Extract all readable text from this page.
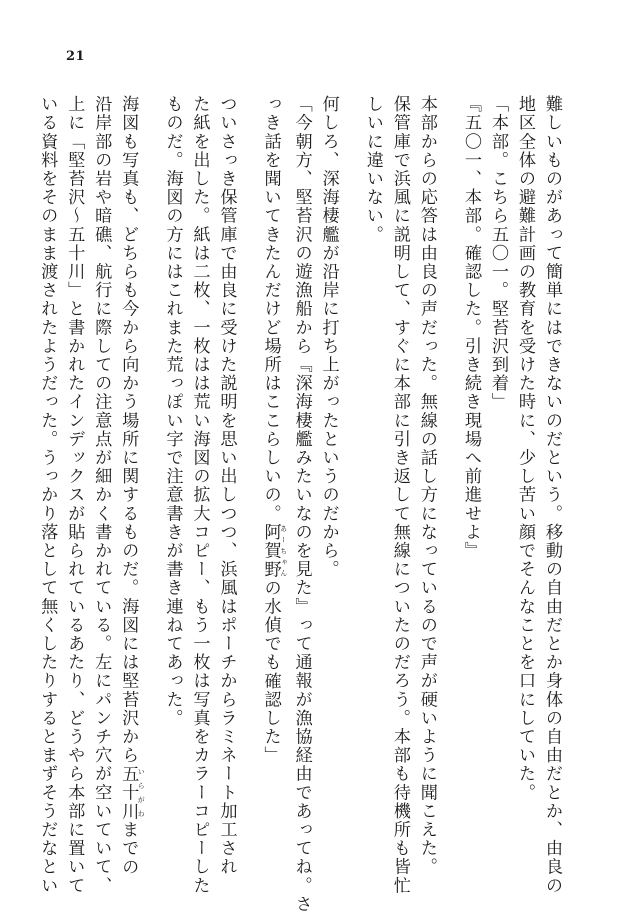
21
難しいものがあって簡単にはできないのだという。移動の自由だとか身体の自由だとか、由良の
地区全体の避難計画の教育を受けた時に、少し苦い顔でそんなことを口にしていた。
「本部。こちら五〇一。堅苔沢到着」
『五〇一、本部。確認した。引き続き現場へ前進せよ』
本部からの応答は由良の声だった。無線の話し方になっているので声が硬いように聞こえた。
保管庫で浜風に説明して、すぐに本部に引き返して無線についたのだろう。本部も待機所も皆忙
しいに違いない。
何しろ、深海棲艦が沿岸に打ち上がったというのだから。
「今朝方、堅苔沢の遊漁船から『深海棲艦みたいなのを見た』って通報が漁協経由であってね。さ
っき話を聞いてきたんだけど場所はここらしいの。阿賀野 あーちゃんの水偵でも確認した」
ついさっき保管庫で由良に受けた説明を思い出しつつ、浜風はポーチからラミネート加工され
た紙を出した。紙は二枚、一枚はは荒い海図の拡大コピー、もう一枚は写真をカラーコピーした
ものだ。海図の方にはこれまた荒っぽい字で注意書きが書き連ねてあった。
海図も写真も、どちらも今から向かう場所に関するものだ。海図には堅苔沢から五十川 いらがわまでの
沿岸部の岩や暗礁、航行に際しての注意点が細かく書かれている。左にパンチ穴が空いていて、
上に「堅苔沢～五十川」と書かれたインデックスが貼られているあたり、どうやら本部に置いて
いる資料をそのまま渡されたようだった。うっかり落として無くしたりするとまずそうだなとい
